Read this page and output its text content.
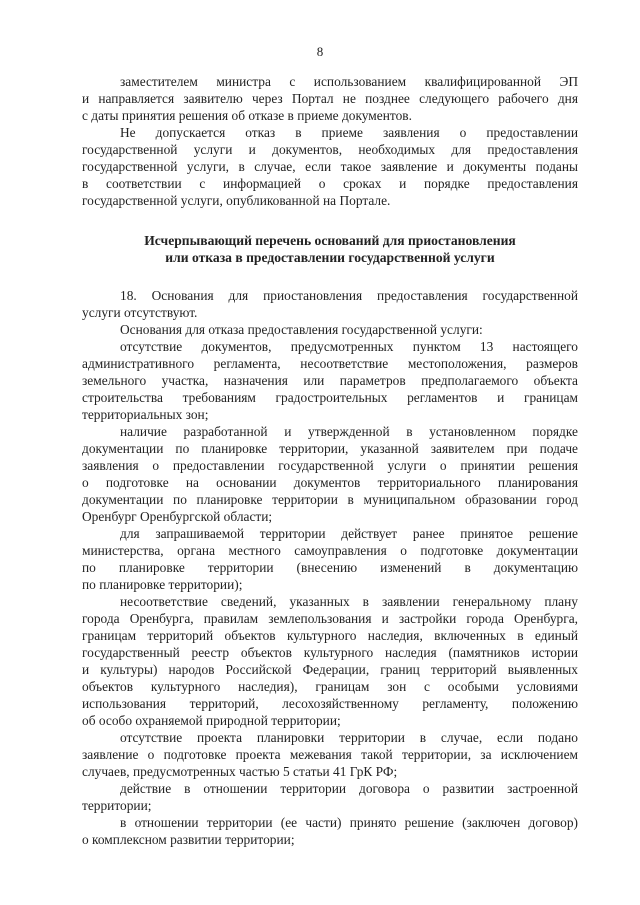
8

заместителем министра с использованием квалифицированной ЭП
и направляется заявителю через Портал не позднее следующего рабочего дня
с даты принятия решения об отказе в приеме документов.

Не допускается отказ в приеме заявления о предоставлении
государственной услуги и документов, необходимых для предоставления
государственной услуги, в случае, если такое заявление и документы поданы
в соответствии с информацией о сроках и порядке предоставления
государственной услуги, опубликованной на Портале.

Исчерпывающий перечень оснований для приостановления
или отказа в предоставлении государственной услуги

18. Основания для приостановления предоставления государственной
услуги отсутствуют.

Основания для отказа предоставления государственной услуги:

отсутствие документов, предусмотренных пунктом 13 настоящего
административного регламента, несоответствие местоположения, размеров
земельного участка, назначения или параметров предполагаемого объекта
строительства требованиям градостроительных регламентов и границам
территориальных зон;

наличие разработанной и утвержденной в установленном порядке
документации по планировке территории, указанной заявителем при подаче
заявления о предоставлении государственной услуги о принятии решения
о подготовке на основании документов территориального планирования
документации по планировке территории в муниципальном образовании город
Оренбург Оренбургской области;

для запрашиваемой территории действует ранее принятое решение
министерства, органа местного самоуправления о подготовке документации
по планировке территории (внесению изменений в документацию
по планировке территории);

несоответствие сведений, указанных в заявлении генеральному плану
города Оренбурга, правилам землепользования и застройки города Оренбурга,
границам территорий объектов культурного наследия, включенных в единый
государственный реестр объектов культурного наследия (памятников истории
и культуры) народов Российской Федерации, границ территорий выявленных
объектов культурного наследия), границам зон с особыми условиями
использования территорий, лесохозяйственному регламенту, положению
об особо охраняемой природной территории;

отсутствие проекта планировки территории в случае, если подано
заявление о подготовке проекта межевания такой территории, за исключением
случаев, предусмотренных частью 5 статьи 41 ГрК РФ;

действие в отношении территории договора о развитии застроенной
территории;

в отношении территории (ее части) принято решение (заключен договор)
о комплексном развитии территории;
